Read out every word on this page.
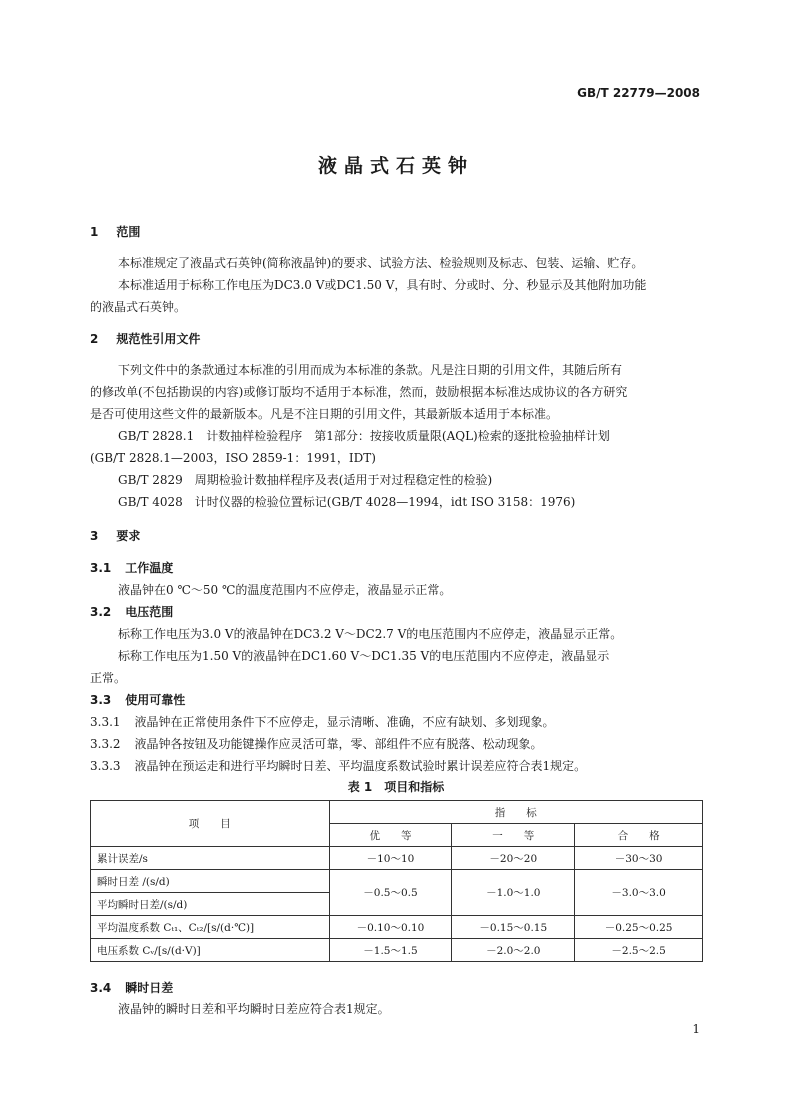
GB/T 22779—2008
液晶式石英钟
1 范围
本标准规定了液晶式石英钟(简称液晶钟)的要求、试验方法、检验规则及标志、包装、运输、贮存。
本标准适用于标称工作电压为DC3.0 V或DC1.50 V，具有时、分或时、分、秒显示及其他附加功能
的液晶式石英钟。
2 规范性引用文件
下列文件中的条款通过本标准的引用而成为本标准的条款。凡是注日期的引用文件，其随后所有
的修改单(不包括勘误的内容)或修订版均不适用于本标准，然而，鼓励根据本标准达成协议的各方研究
是否可使用这些文件的最新版本。凡是不注日期的引用文件，其最新版本适用于本标准。
GB/T 2828.1　计数抽样检验程序　第1部分：按接收质量限(AQL)检索的逐批检验抽样计划
(GB/T 2828.1—2003，ISO 2859-1：1991，IDT)
GB/T 2829　周期检验计数抽样程序及表(适用于对过程稳定性的检验)
GB/T 4028　计时仪器的检验位置标记(GB/T 4028—1994，idt ISO 3158：1976)
3 要求
3.1 工作温度
液晶钟在0 ℃～50 ℃的温度范围内不应停走，液晶显示正常。
3.2 电压范围
标称工作电压为3.0 V的液晶钟在DC3.2 V～DC2.7 V的电压范围内不应停走，液晶显示正常。
标称工作电压为1.50 V的液晶钟在DC1.60 V～DC1.35 V的电压范围内不应停走，液晶显示
正常。
3.3 使用可靠性
3.3.1 液晶钟在正常使用条件下不应停走，显示清晰、准确，不应有缺划、多划现象。
3.3.2 液晶钟各按钮及功能键操作应灵活可靠，零、部组件不应有脱落、松动现象。
3.3.3 液晶钟在预运走和进行平均瞬时日差、平均温度系数试验时累计误差应符合表1规定。
表 1　项目和指标
项　　目	指　　标		
	优　　等	一　　等	合　　格
累计误差/s	－10～10	－20～20	－30～30
瞬时日差 /(s/d)	－0.5～0.5	－1.0～1.0	－3.0～3.0
平均瞬时日差/(s/d)			
平均温度系数 Cₜ₁、Cₜ₂/[s/(d·℃)]	－0.10～0.10	－0.15～0.15	－0.25～0.25
电压系数 Cᵥ/[s/(d·V)]	－1.5～1.5	－2.0～2.0	－2.5～2.5
3.4 瞬时日差
液晶钟的瞬时日差和平均瞬时日差应符合表1规定。
1
